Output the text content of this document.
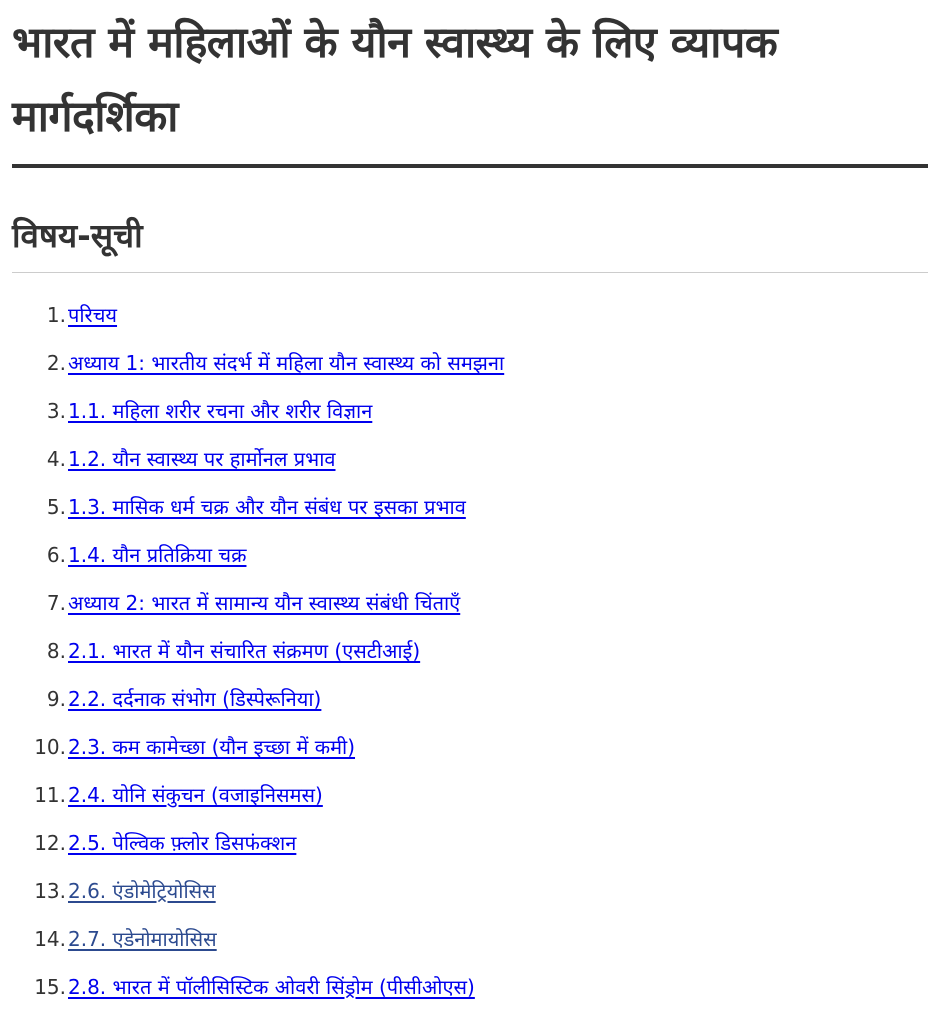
भारत में महिलाओं के यौन स्वास्थ्य के लिए व्यापक मार्गदर्शिका
विषय-सूची
1. परिचय
2. अध्याय 1: भारतीय संदर्भ में महिला यौन स्वास्थ्य को समझना
3. 1.1. महिला शरीर रचना और शरीर विज्ञान
4. 1.2. यौन स्वास्थ्य पर हार्मोनल प्रभाव
5. 1.3. मासिक धर्म चक्र और यौन संबंध पर इसका प्रभाव
6. 1.4. यौन प्रतिक्रिया चक्र
7. अध्याय 2: भारत में सामान्य यौन स्वास्थ्य संबंधी चिंताएँ
8. 2.1. भारत में यौन संचारित संक्रमण (एसटीआई)
9. 2.2. दर्दनाक संभोग (डिस्पेरूनिया)
10. 2.3. कम कामेच्छा (यौन इच्छा में कमी)
11. 2.4. योनि संकुचन (वजाइनिसमस)
12. 2.5. पेल्विक फ़्लोर डिसफंक्शन
13. 2.6. एंडोमेट्रियोसिस
14. 2.7. एडेनोमायोसिस
15. 2.8. भारत में पॉलीसिस्टिक ओवरी सिंड्रोम (पीसीओएस)
